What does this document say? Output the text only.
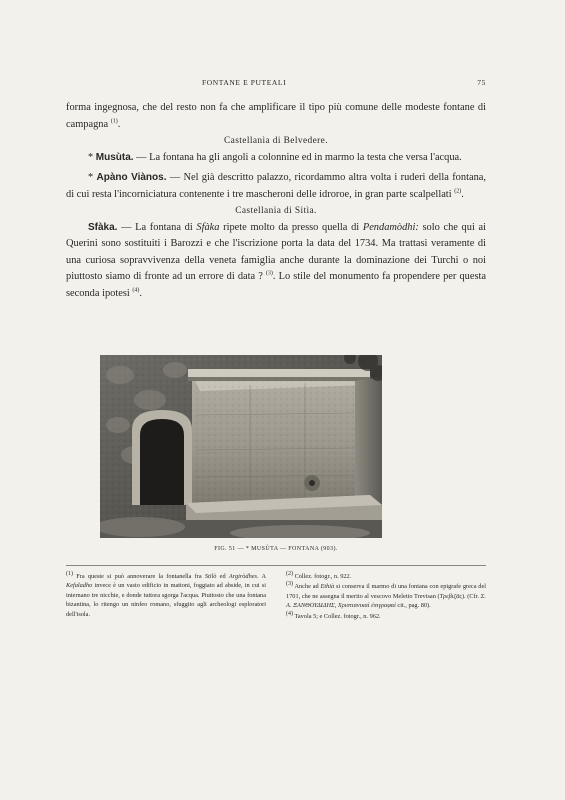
FONTANE E PUTEALI	75

forma ingegnosa, che del resto non fa che amplificare il tipo più comune delle modeste fontane di campagna $^{(1)}$.

Castellanìa di Belvedere.

* Musùta. — La fontana ha gli angoli a colonnine ed in marmo la testa che versa l'acqua.

* Apàno Viànos. — Nel già descritto palazzo, ricordammo altra volta i ruderi della fontana, di cui resta l'incorniciatura contenente i tre mascheroni delle idroroe, in gran parte scalpellati $^{(2)}$.

Castellanìa di Sitìa.

Sfàka. — La fontana di Sfàka ripete molto da presso quella di Pendamòdhi: solo che qui ai Querini sono sostituiti i Barozzi e che l'iscrizione porta la data del 1734. Ma trattasi veramente di una curiosa sopravvivenza della veneta famiglia anche durante la dominazione dei Turchi o noi piuttosto siamo di fronte ad un errore di data ? $^{(3)}$. Lo stile del monumento fa propendere per questa seconda ipotesi $^{(4)}$.

FIG. 51 — * MUSÙTA — FONTANA (903).

$^{(1)}$ Fra queste si può annoverare la fontanella fra Stilò ed Argiròdhes. A Kefaladho invece è un vasto edificio in mattoni, foggiato ad abside, in cui si internano tre nicchie, e donde tuttora sgorga l'acqua. Piuttosto che una fontana bizantina, lo ritengo un ninfeo romano, sfuggito agli archeologi esploratori dell'isola.

$^{(2)}$ Collez. fotogr., n. 922.

$^{(3)}$ Anche ad Ethià si conserva il marmo di una fontana con epigrafe greca del 1701, che ne assegna il merito al vescovo Meletio Trevisan (Τρεβιζᾶς). (Cfr. Σ. Α. ΞΑΝΘΟΥΔΙΔΗΣ, Χριστιανικαὶ ἐπιγραφαί cit., pag. 80).

$^{(4)}$ Tavola 5; e Collez. fotogr., n. 962.
